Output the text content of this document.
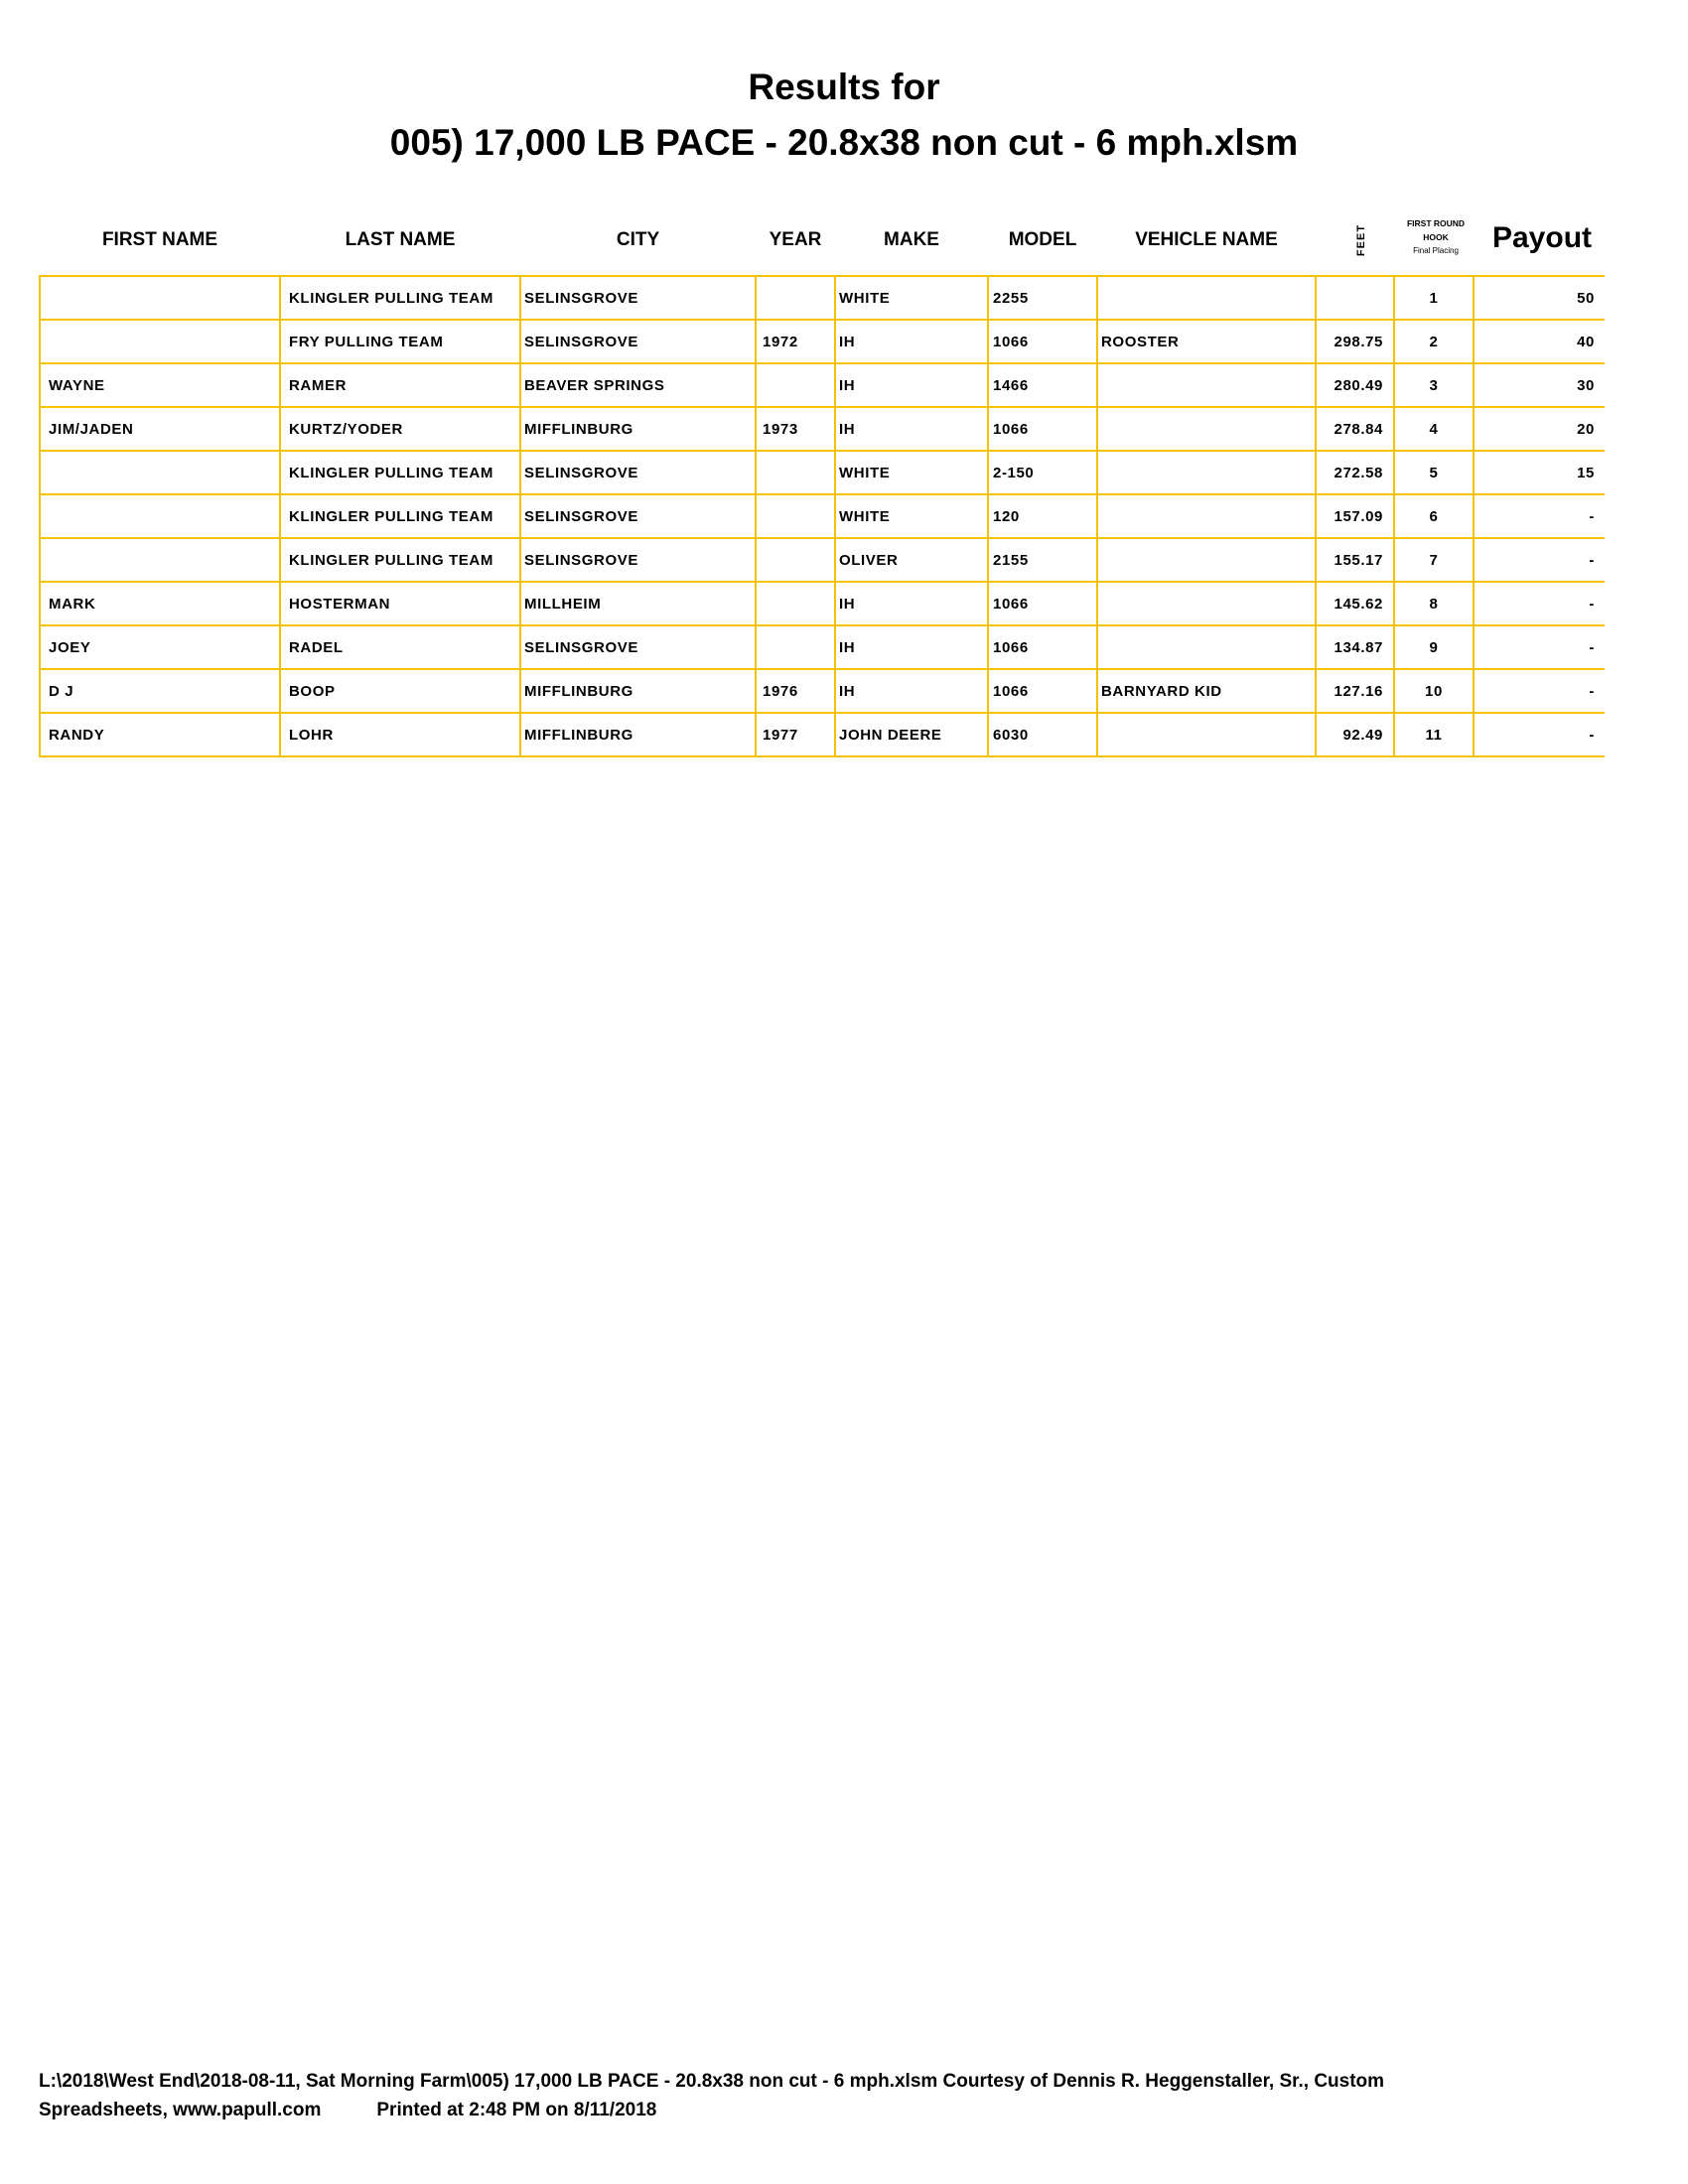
Results for
005) 17,000 LB PACE - 20.8x38 non cut - 6 mph.xlsm
FIRST NAME	LAST NAME	CITY	YEAR	MAKE	MODEL	VEHICLE NAME	FEET
FIRST ROUND
HOOK
Final Placing	Payout
	KLINGLER PULLING TEAM	SELINSGROVE		WHITE	2255			1	50
	FRY PULLING TEAM	SELINSGROVE	1972	IH	1066	ROOSTER	298.75	2	40
WAYNE	RAMER	BEAVER SPRINGS		IH	1466		280.49	3	30
JIM/JADEN	KURTZ/YODER	MIFFLINBURG	1973	IH	1066		278.84	4	20
	KLINGLER PULLING TEAM	SELINSGROVE		WHITE	2-150		272.58	5	15
	KLINGLER PULLING TEAM	SELINSGROVE		WHITE	120		157.09	6	-
	KLINGLER PULLING TEAM	SELINSGROVE		OLIVER	2155		155.17	7	-
MARK	HOSTERMAN	MILLHEIM		IH	1066		145.62	8	-
JOEY	RADEL	SELINSGROVE		IH	1066		134.87	9	-
D J	BOOP	MIFFLINBURG	1976	IH	1066	BARNYARD KID	127.16	10	-
RANDY	LOHR	MIFFLINBURG	1977	JOHN DEERE	6030		92.49	11	-
L:\2018\West End\2018-08-11, Sat Morning Farm\005) 17,000 LB PACE - 20.8x38 non cut - 6 mph.xlsm Courtesy of Dennis R. Heggenstaller, Sr., Custom
Spreadsheets, www.papull.com	Printed at 2:48 PM on 8/11/2018
